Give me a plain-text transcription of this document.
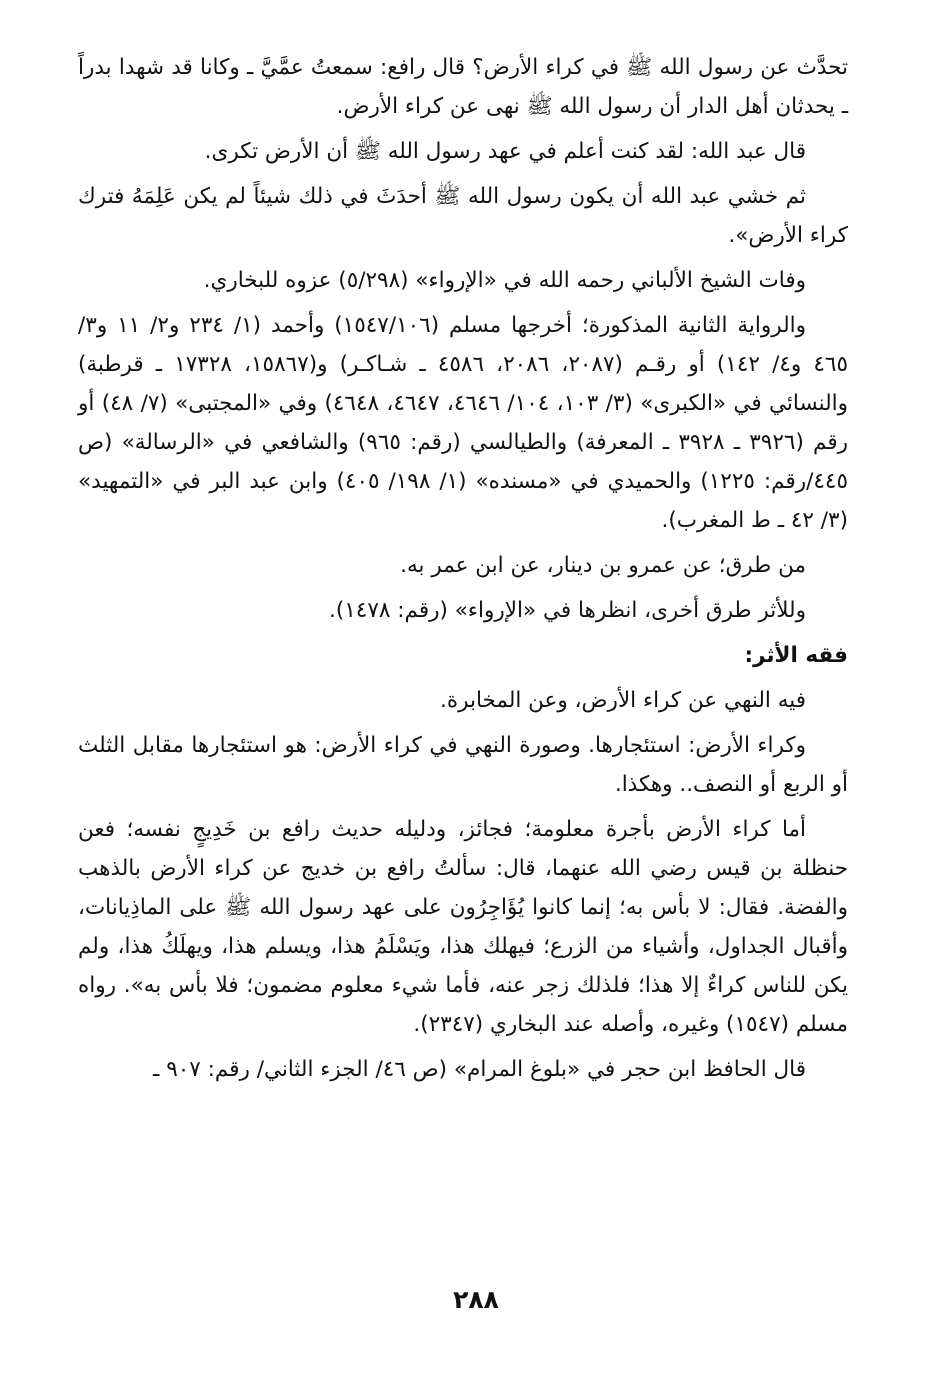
تحدَّث عن رسول الله ﷺ في كراء الأرض؟ قال رافع: سمعتُ عمَّيَّ ـ وكانا قد شهدا بدراً ـ يحدثان أهل الدار أن رسول الله ﷺ نهى عن كراء الأرض.

قال عبد الله: لقد كنت أعلم في عهد رسول الله ﷺ أن الأرض تكرى.

ثم خشي عبد الله أن يكون رسول الله ﷺ أحدَثَ في ذلك شيئاً لم يكن عَلِمَهُ فترك كراء الأرض».

وفات الشيخ الألباني رحمه الله في «الإرواء» (٥/٢٩٨) عزوه للبخاري.

والرواية الثانية المذكورة؛ أخرجها مسلم (١٥٤٧/١٠٦) وأحمد (١/ ٢٣٤ و٢/ ١١ و٣/ ٤٦٥ و٤/ ١٤٢) أو رقـم (٢٠٨٧، ٢٠٨٦، ٤٥٨٦ ـ شـاكـر) و(١٥٨٦٧، ١٧٣٢٨ ـ قرطبة) والنسائي في «الكبرى» (٣/ ١٠٣، ١٠٤/ ٤٦٤٦، ٤٦٤٧، ٤٦٤٨) وفي «المجتبى» (٧/ ٤٨) أو رقم (٣٩٢٦ ـ ٣٩٢٨ ـ المعرفة) والطيالسي (رقم: ٩٦٥) والشافعي في «الرسالة» (ص ٤٤٥/رقم: ١٢٢٥) والحميدي في «مسنده» (١/ ١٩٨/ ٤٠٥) وابن عبد البر في «التمهيد» (٣/ ٤٢ ـ ط المغرب).

من طرق؛ عن عمرو بن دينار، عن ابن عمر به.

وللأثر طرق أخرى، انظرها في «الإرواء» (رقم: ١٤٧٨).

فقه الأثر:

فيه النهي عن كراء الأرض، وعن المخابرة.

وكراء الأرض: استئجارها. وصورة النهي في كراء الأرض: هو استئجارها مقابل الثلث أو الربع أو النصف.. وهكذا.

أما كراء الأرض بأجرة معلومة؛ فجائز، ودليله حديث رافع بن خَدِيجٍ نفسه؛ فعن حنظلة بن قيس رضي الله عنهما، قال: سألتُ رافع بن خديج عن كراء الأرض بالذهب والفضة. فقال: لا بأس به؛ إنما كانوا يُؤَاجِرُون على عهد رسول الله ﷺ على الماذِيانات، وأقبال الجداول، وأشياء من الزرع؛ فيهلك هذا، ويَسْلَمُ هذا، ويسلم هذا، ويهلَكُ هذا، ولم يكن للناس كراءٌ إلا هذا؛ فلذلك زجر عنه، فأما شيء معلوم مضمون؛ فلا بأس به». رواه مسلم (١٥٤٧) وغيره، وأصله عند البخاري (٢٣٤٧).

قال الحافظ ابن حجر في «بلوغ المرام» (ص ٤٦/ الجزء الثاني/ رقم: ٩٠٧ ـ

٢٨٨
